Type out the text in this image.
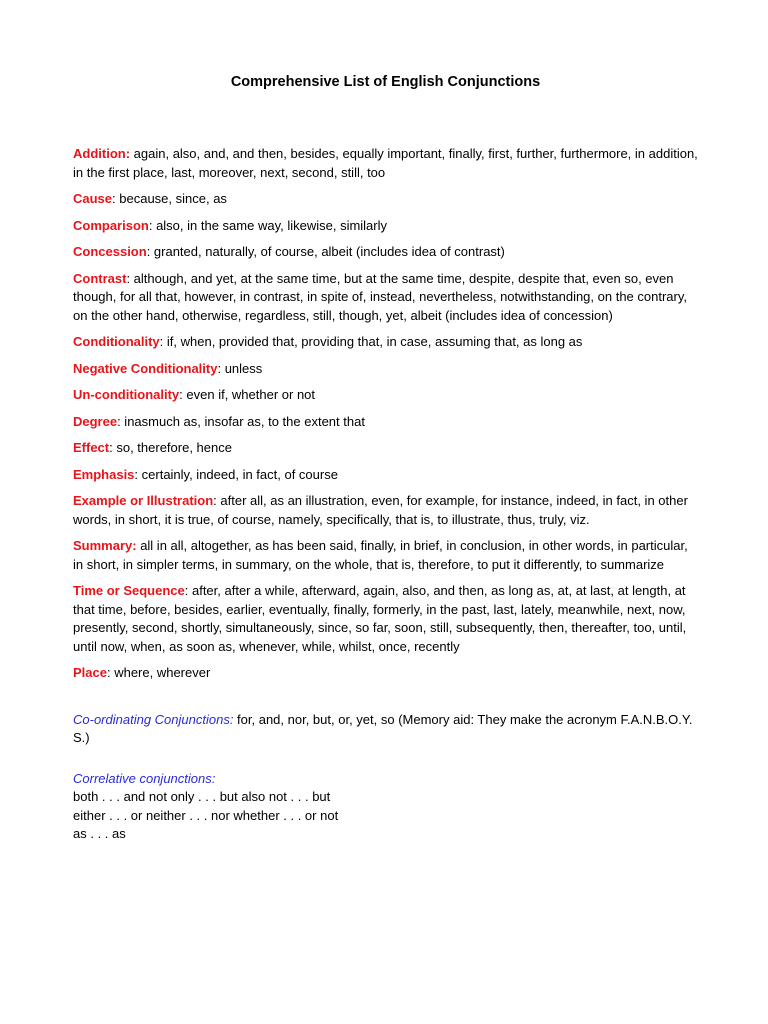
Comprehensive List of English Conjunctions

Addition: again, also, and, and then, besides, equally important, finally, first, further, furthermore, in addition, in the first place, last, moreover, next, second, still, too

Cause: because, since, as

Comparison: also, in the same way, likewise, similarly

Concession: granted, naturally, of course, albeit (includes idea of contrast)

Contrast: although, and yet, at the same time, but at the same time, despite, despite that, even so, even though, for all that, however, in contrast, in spite of, instead, nevertheless, notwithstanding, on the contrary, on the other hand, otherwise, regardless, still, though, yet, albeit (includes idea of concession)

Conditionality: if, when, provided that, providing that, in case, assuming that, as long as

Negative Conditionality: unless

Un-conditionality: even if, whether or not

Degree: inasmuch as, insofar as, to the extent that

Effect: so, therefore, hence

Emphasis: certainly, indeed, in fact, of course

Example or Illustration: after all, as an illustration, even, for example, for instance, indeed, in fact, in other words, in short, it is true, of course, namely, specifically, that is, to illustrate, thus, truly, viz.

Summary: all in all, altogether, as has been said, finally, in brief, in conclusion, in other words, in particular, in short, in simpler terms, in summary, on the whole, that is, therefore, to put it differently, to summarize

Time or Sequence: after, after a while, afterward, again, also, and then, as long as, at, at last, at length, at that time, before, besides, earlier, eventually, finally, formerly, in the past, last, lately, meanwhile, next, now, presently, second, shortly, simultaneously, since, so far, soon, still, subsequently, then, thereafter, too, until, until now, when, as soon as, whenever, while, whilst, once, recently

Place: where, wherever

Co-ordinating Conjunctions: for, and, nor, but, or, yet, so (Memory aid: They make the acronym F.A.N.B.O.Y. S.)

Correlative conjunctions:
both . . . and not only . . . but also not . . . but
either . . . or neither . . . nor whether . . . or not
as . . . as
